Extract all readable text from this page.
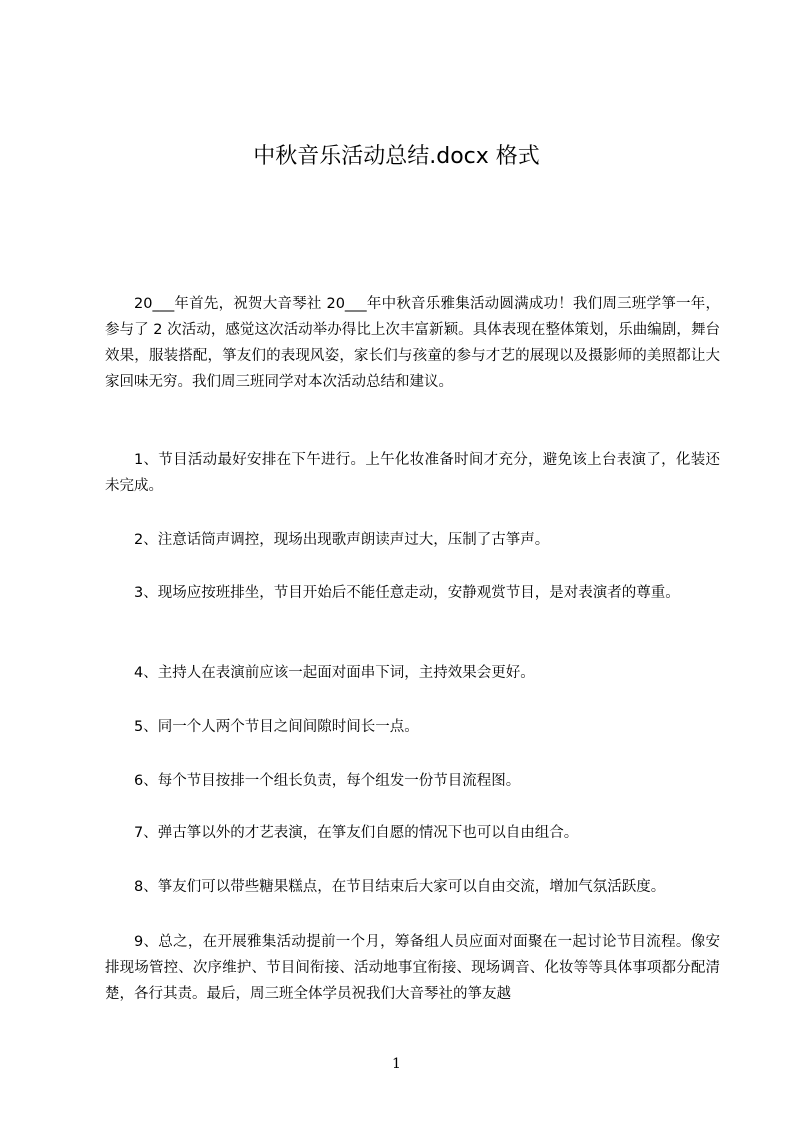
中秋音乐活动总结.docx 格式

20___年首先，祝贺大音琴社 20___年中秋音乐雅集活动圆满成功！我们周三班学箏一年，参与了 2 次活动，感觉这次活动举办得比上次丰富新颖。具体表现在整体策划，乐曲编剧，舞台效果，服装搭配，箏友们的表现风姿，家长们与孩童的参与才艺的展现以及摄影师的美照都让大家回味无穷。我们周三班同学对本次活动总结和建议。

1、节目活动最好安排在下午进行。上午化妆准备时间才充分，避免该上台表演了，化装还未完成。

2、注意话筒声调控，现场出现歌声朗读声过大，压制了古箏声。

3、现场应按班排坐，节目开始后不能任意走动，安静观赏节目，是对表演者的尊重。

4、主持人在表演前应该一起面对面串下词，主持效果会更好。

5、同一个人两个节目之间间隙时间长一点。

6、每个节目按排一个组长负责，每个组发一份节目流程图。

7、弹古箏以外的才艺表演，在箏友们自愿的情况下也可以自由组合。

8、箏友们可以带些糖果糕点，在节目结束后大家可以自由交流，增加气氛活跃度。

9、总之，在开展雅集活动提前一个月，筹备组人员应面对面聚在一起讨论节目流程。像安排现场管控、次序维护、节目间衔接、活动地事宜衔接、现场调音、化妆等等具体事项都分配清楚，各行其责。最后，周三班全体学员祝我们大音琴社的箏友越

1
